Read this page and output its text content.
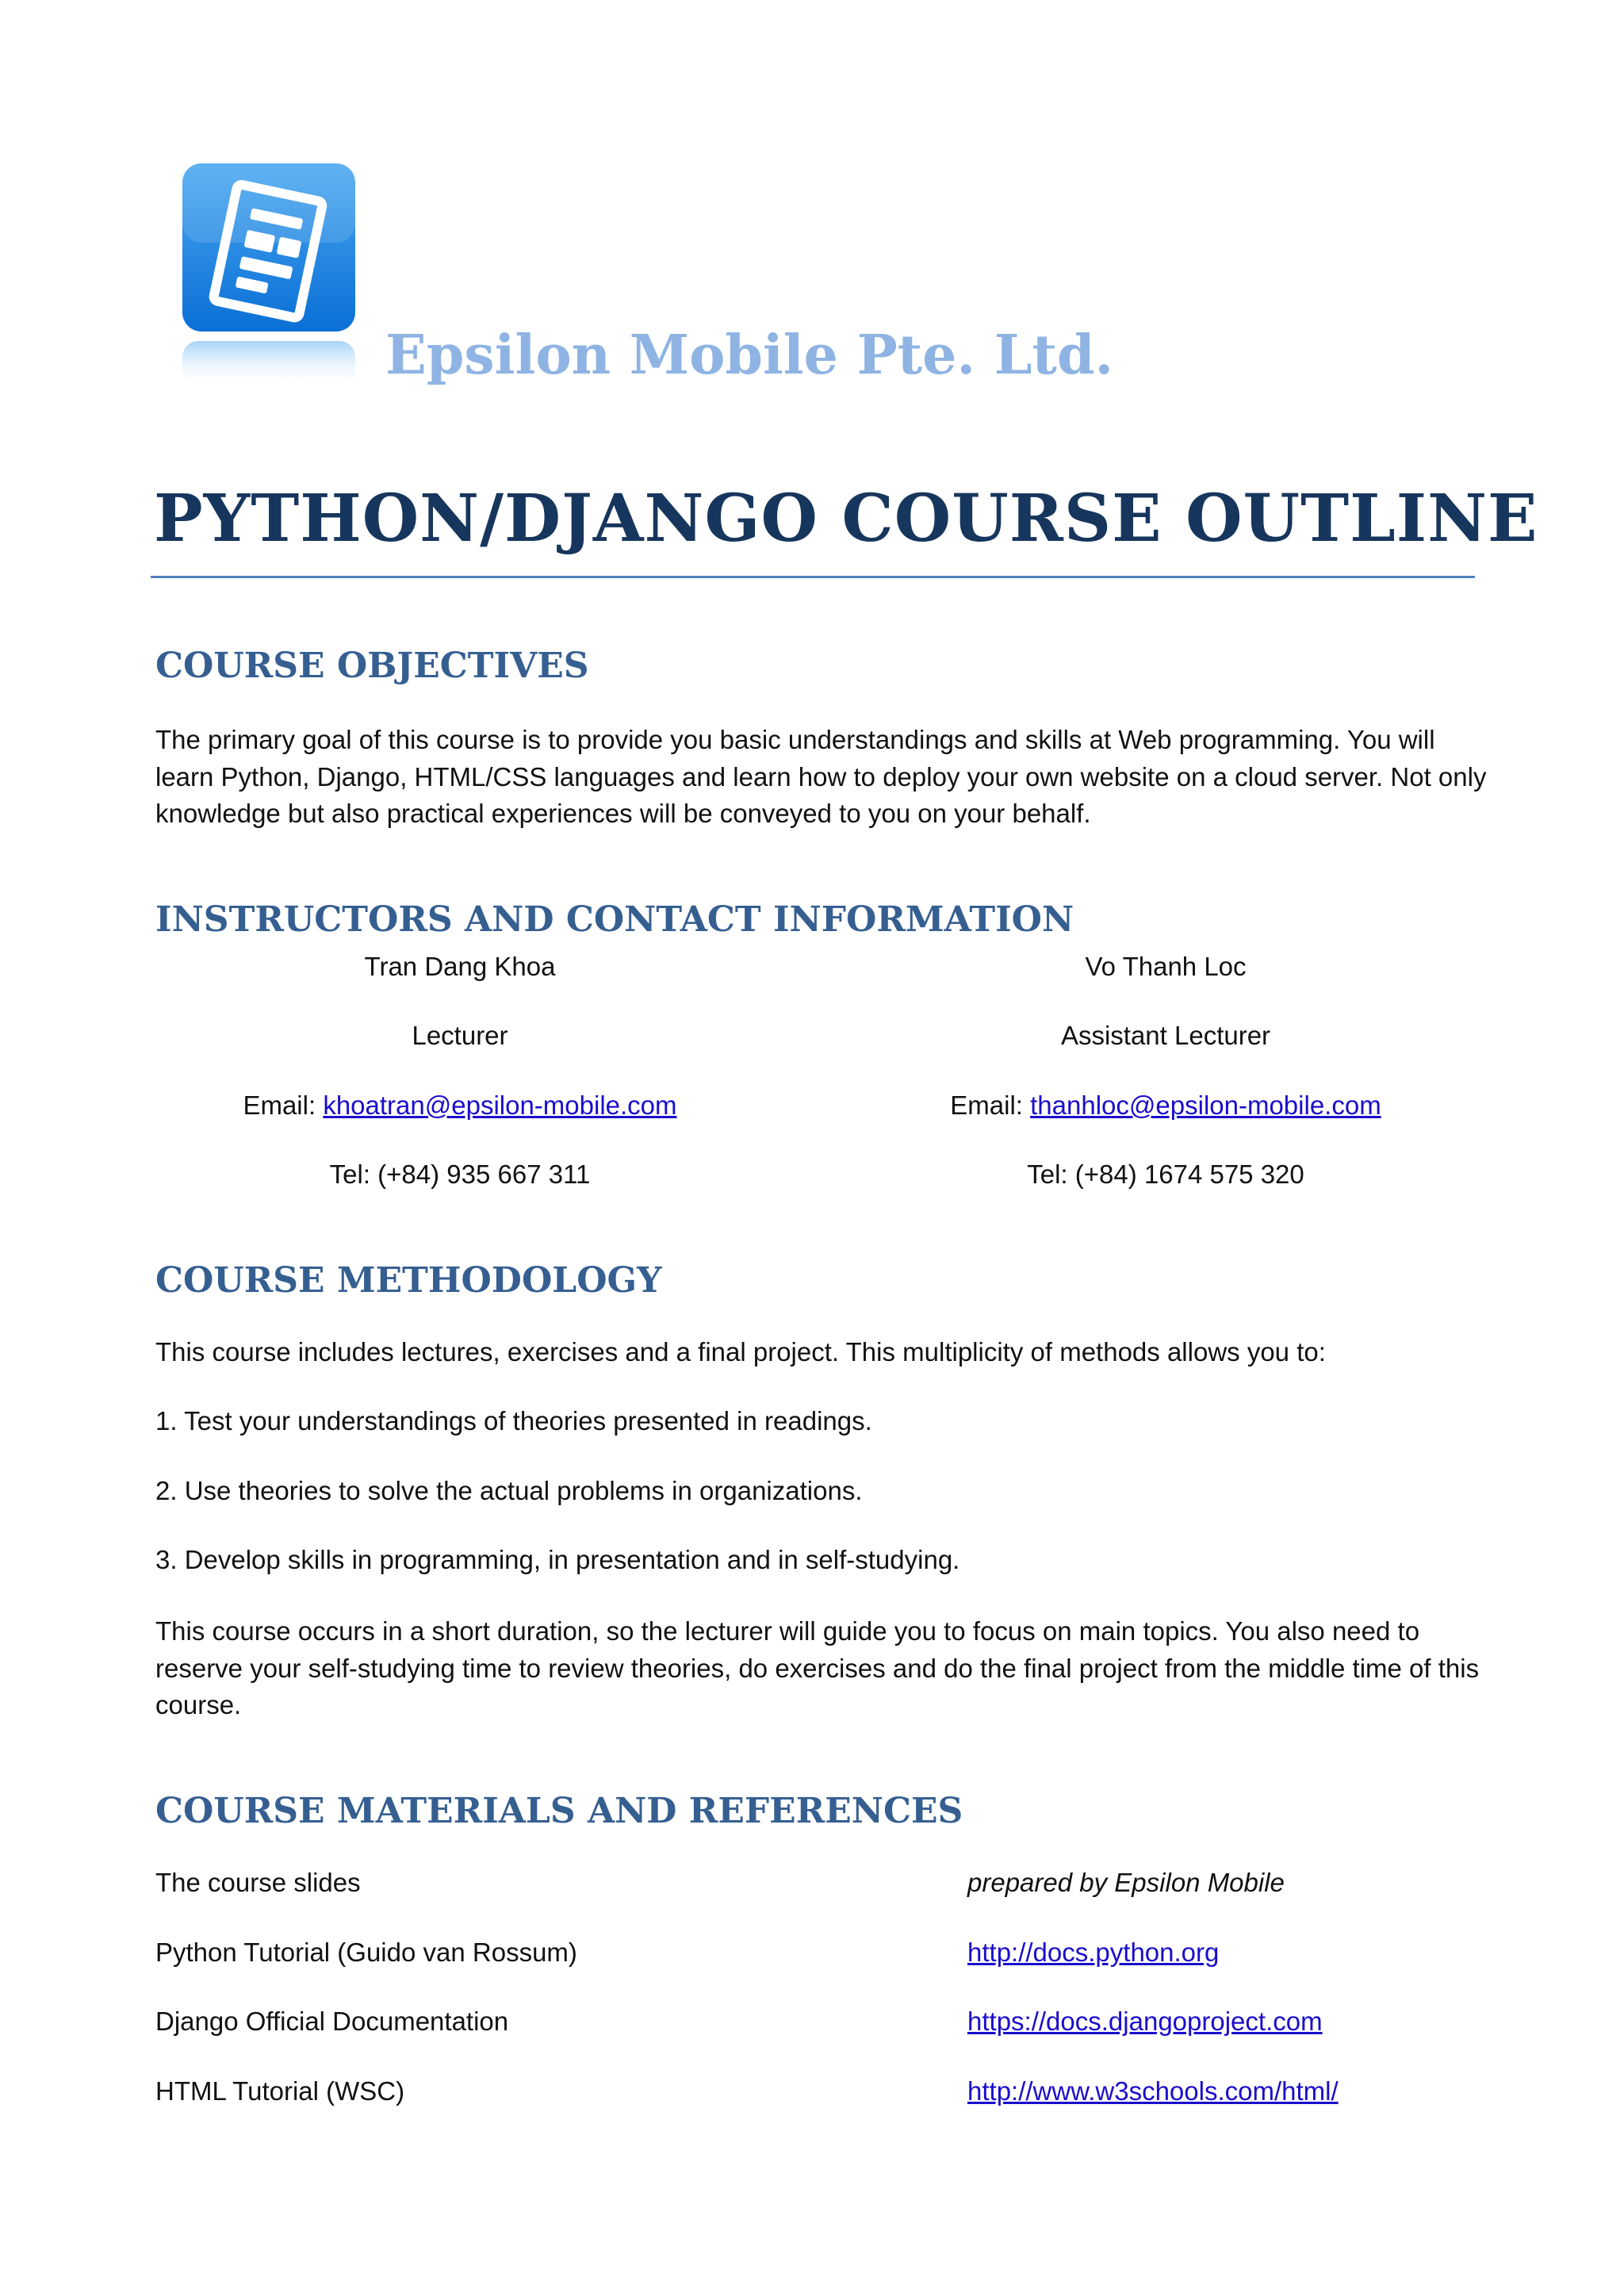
Epsilon Mobile Pte. Ltd.
PYTHON/DJANGO COURSE OUTLINE
COURSE OBJECTIVES
The primary goal of this course is to provide you basic understandings and skills at Web programming. You will learn Python, Django, HTML/CSS languages and learn how to deploy your own website on a cloud server. Not only knowledge but also practical experiences will be conveyed to you on your behalf.
INSTRUCTORS AND CONTACT INFORMATION
Tran Dang Khoa
Lecturer
Email: khoatran@epsilon-mobile.com
Tel: (+84) 935 667 311
Vo Thanh Loc
Assistant Lecturer
Email: thanhloc@epsilon-mobile.com
Tel: (+84) 1674 575 320
COURSE METHODOLOGY
This course includes lectures, exercises and a final project. This multiplicity of methods allows you to:
1. Test your understandings of theories presented in readings.
2. Use theories to solve the actual problems in organizations.
3. Develop skills in programming, in presentation and in self-studying.
This course occurs in a short duration, so the lecturer will guide you to focus on main topics. You also need to reserve your self-studying time to review theories, do exercises and do the final project from the middle time of this course.
COURSE MATERIALS AND REFERENCES
The course slides	prepared by Epsilon Mobile
Python Tutorial (Guido van Rossum)	http://docs.python.org
Django Official Documentation	https://docs.djangoproject.com
HTML Tutorial (WSC)	http://www.w3schools.com/html/
